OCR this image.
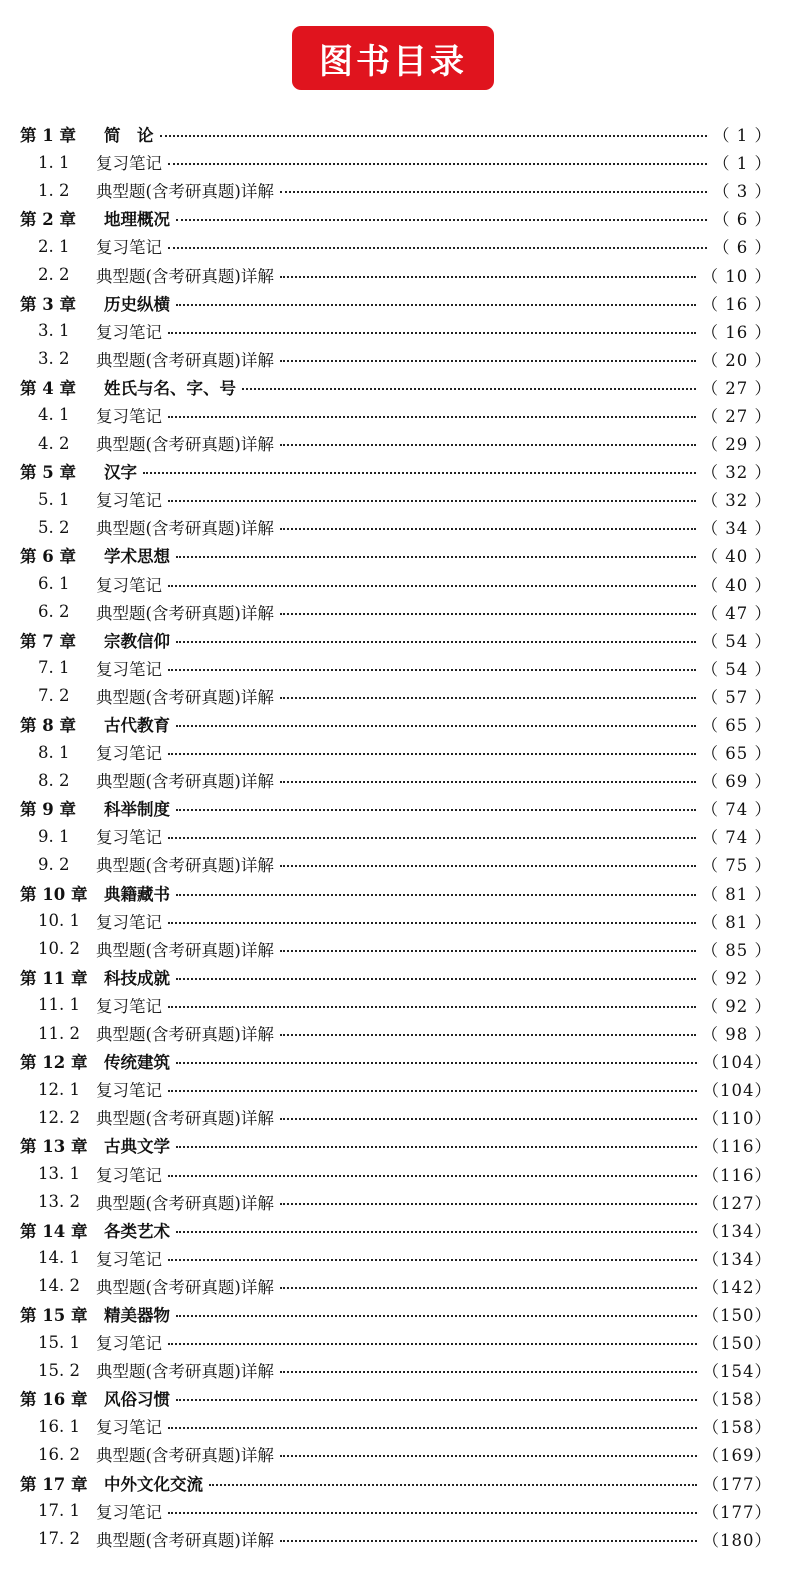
图书目录
第 1 章	简　论	（ 1 ）
1. 1	复习笔记	（ 1 ）
1. 2	典型题(含考研真题)详解	（ 3 ）
第 2 章	地理概况	（ 6 ）
2. 1	复习笔记	（ 6 ）
2. 2	典型题(含考研真题)详解	（ 10 ）
第 3 章	历史纵横	（ 16 ）
3. 1	复习笔记	（ 16 ）
3. 2	典型题(含考研真题)详解	（ 20 ）
第 4 章	姓氏与名、字、号	（ 27 ）
4. 1	复习笔记	（ 27 ）
4. 2	典型题(含考研真题)详解	（ 29 ）
第 5 章	汉字	（ 32 ）
5. 1	复习笔记	（ 32 ）
5. 2	典型题(含考研真题)详解	（ 34 ）
第 6 章	学术思想	（ 40 ）
6. 1	复习笔记	（ 40 ）
6. 2	典型题(含考研真题)详解	（ 47 ）
第 7 章	宗教信仰	（ 54 ）
7. 1	复习笔记	（ 54 ）
7. 2	典型题(含考研真题)详解	（ 57 ）
第 8 章	古代教育	（ 65 ）
8. 1	复习笔记	（ 65 ）
8. 2	典型题(含考研真题)详解	（ 69 ）
第 9 章	科举制度	（ 74 ）
9. 1	复习笔记	（ 74 ）
9. 2	典型题(含考研真题)详解	（ 75 ）
第 10 章	典籍藏书	（ 81 ）
10. 1 复习笔记	（ 81 ）
10. 2 典型题(含考研真题)详解	（ 85 ）
第 11 章	科技成就	（ 92 ）
11. 1 复习笔记	（ 92 ）
11. 2 典型题(含考研真题)详解	（ 98 ）
第 12 章	传统建筑	（104）
12. 1 复习笔记	（104）
12. 2 典型题(含考研真题)详解	（110）
第 13 章	古典文学	（116）
13. 1 复习笔记	（116）
13. 2 典型题(含考研真题)详解	（127）
第 14 章	各类艺术	（134）
14. 1 复习笔记	（134）
14. 2 典型题(含考研真题)详解	（142）
第 15 章	精美器物	（150）
15. 1 复习笔记	（150）
15. 2 典型题(含考研真题)详解	（154）
第 16 章	风俗习惯	（158）
16. 1 复习笔记	（158）
16. 2 典型题(含考研真题)详解	（169）
第 17 章	中外文化交流	（177）
17. 1 复习笔记	（177）
17. 2 典型题(含考研真题)详解	（180）
